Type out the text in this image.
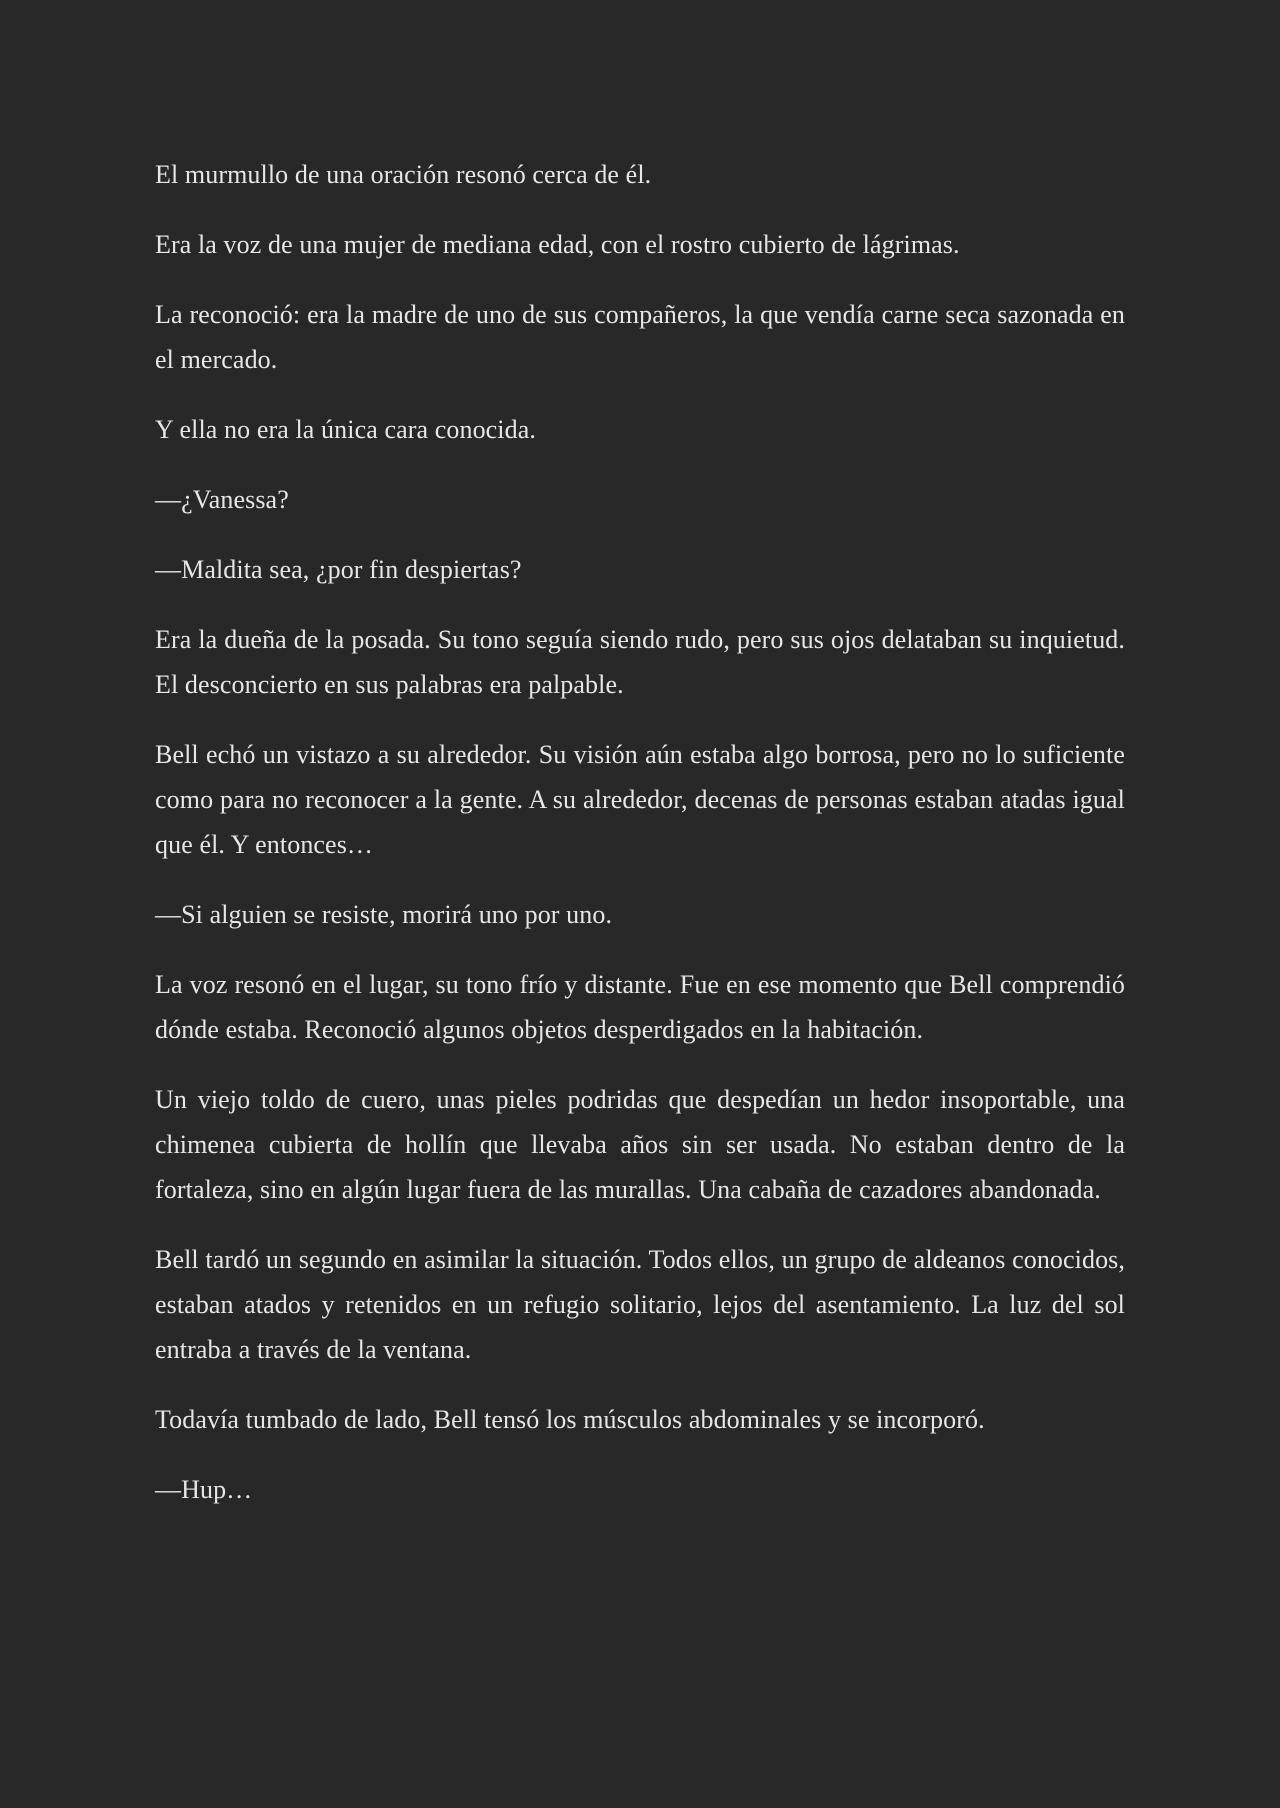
El murmullo de una oración resonó cerca de él.

Era la voz de una mujer de mediana edad, con el rostro cubierto de lágrimas.

La reconoció: era la madre de uno de sus compañeros, la que vendía carne seca sazonada en el mercado.

Y ella no era la única cara conocida.

—¿Vanessa?

—Maldita sea, ¿por fin despiertas?

Era la dueña de la posada. Su tono seguía siendo rudo, pero sus ojos delataban su inquietud. El desconcierto en sus palabras era palpable.

Bell echó un vistazo a su alrededor. Su visión aún estaba algo borrosa, pero no lo suficiente como para no reconocer a la gente. A su alrededor, decenas de personas estaban atadas igual que él. Y entonces…

—Si alguien se resiste, morirá uno por uno.

La voz resonó en el lugar, su tono frío y distante. Fue en ese momento que Bell comprendió dónde estaba. Reconoció algunos objetos desperdigados en la habitación.

Un viejo toldo de cuero, unas pieles podridas que despedían un hedor insoportable, una chimenea cubierta de hollín que llevaba años sin ser usada. No estaban dentro de la fortaleza, sino en algún lugar fuera de las murallas. Una cabaña de cazadores abandonada.

Bell tardó un segundo en asimilar la situación. Todos ellos, un grupo de aldeanos conocidos, estaban atados y retenidos en un refugio solitario, lejos del asentamiento. La luz del sol entraba a través de la ventana.

Todavía tumbado de lado, Bell tensó los músculos abdominales y se incorporó.

—Hup…
